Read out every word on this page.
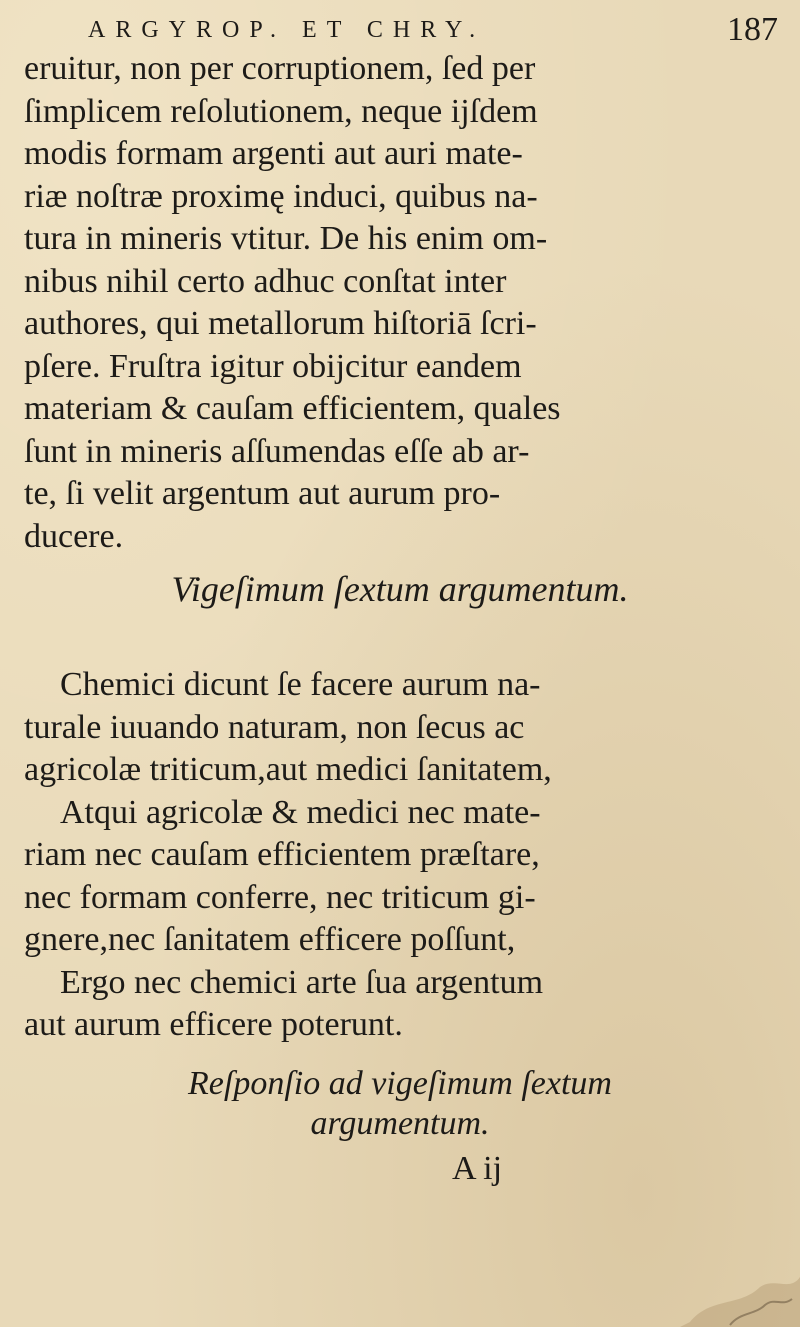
ARGYROP. ET CHRY.	187
eruitur, non per corruptionem, ſed per
ſimplicem reſolutionem, neque ijſdem
modis formam argenti aut auri mate-
riæ noſtræ proximę induci, quibus na-
tura in mineris vtitur. De his enim om-
nibus nihil certo adhuc conſtat inter
authores, qui metallorum hiſtoriā ſcri-
pſere. Fruſtra igitur obijcitur eandem
materiam & cauſam efficientem, quales
ſunt in mineris aſſumendas eſſe ab ar-
te, ſi velit argentum aut aurum pro-
ducere.
Vigeſimum ſextum argumentum.
Chemici dicunt ſe facere aurum na-
turale iuuando naturam, non ſecus ac
agricolæ triticum,aut medici ſanitatem,
Atqui agricolæ & medici nec mate-
riam nec cauſam efficientem præſtare,
nec formam conferre, nec triticum gi-
gnere,nec ſanitatem efficere poſſunt,
Ergo nec chemici arte ſua argentum
aut aurum efficere poterunt.
Reſponſio ad vigeſimum ſextum
argumentum.
A ij
